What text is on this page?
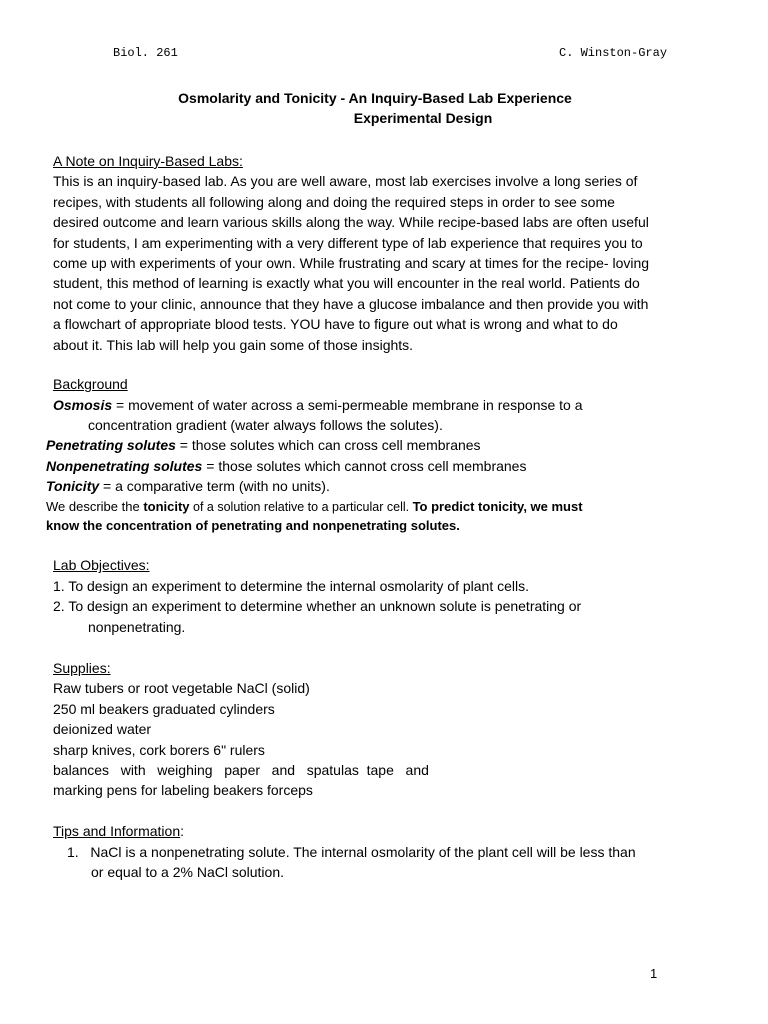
Biol. 261	C. Winston-Gray
Osmolarity and Tonicity - An Inquiry-Based Lab Experience
Experimental Design

A Note on Inquiry-Based Labs:

This is an inquiry-based lab. As you are well aware, most lab exercises involve a long series of

recipes, with students all following along and doing the required steps in order to see some

desired outcome and learn various skills along the way. While recipe-based labs are often useful

for students, I am experimenting with a very different type of lab experience that requires you to

come up with experiments of your own. While frustrating and scary at times for the recipe- loving

student, this method of learning is exactly what you will encounter in the real world. Patients do

not come to your clinic, announce that they have a glucose imbalance and then provide you with

a flowchart of appropriate blood tests. YOU have to figure out what is wrong and what to do

about it. This lab will help you gain some of those insights.

Background

Osmosis = movement of water across a semi-permeable membrane in response to a

concentration gradient (water always follows the solutes).

Penetrating solutes = those solutes which can cross cell membranes

Nonpenetrating solutes = those solutes which cannot cross cell membranes

Tonicity = a comparative term (with no units).

We describe the tonicity of a solution relative to a particular cell. To predict tonicity, we must

know the concentration of penetrating and nonpenetrating solutes.

Lab Objectives:

1. To design an experiment to determine the internal osmolarity of plant cells.

2. To design an experiment to determine whether an unknown solute is penetrating or

nonpenetrating.

Supplies:

Raw tubers or root vegetable NaCl (solid)

250 ml beakers graduated cylinders

deionized water

sharp knives, cork borers 6" rulers

balances   with   weighing   paper   and   spatulas  tape   and

marking pens for labeling beakers forceps

Tips and Information:

1.   NaCl is a nonpenetrating solute. The internal osmolarity of the plant cell will be less than

or equal to a 2% NaCl solution.

1
